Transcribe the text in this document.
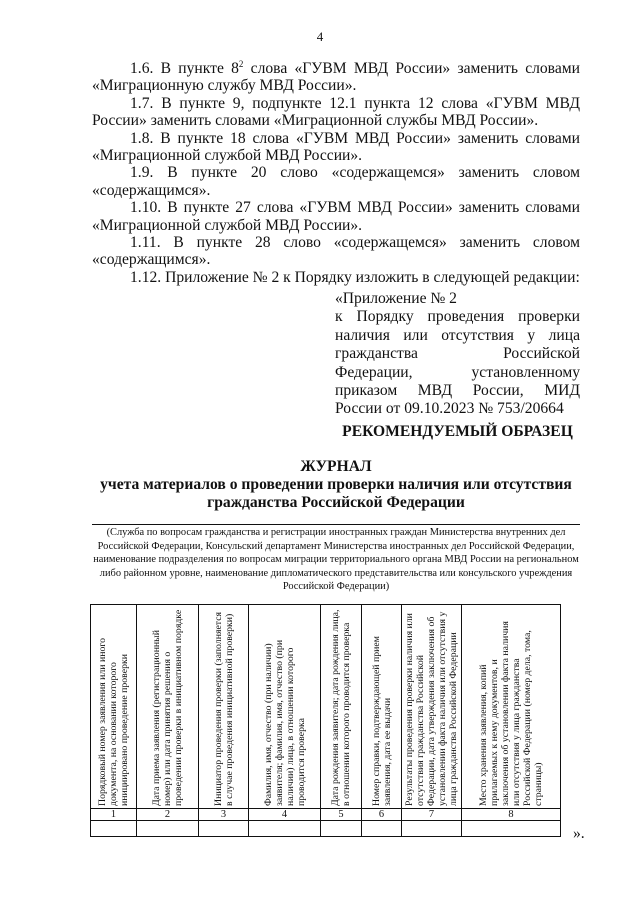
4

1.6. В пункте $8^2$ слова «ГУВМ МВД России» заменить словами «Миграционную службу МВД России».

1.7. В пункте 9, подпункте 12.1 пункта 12 слова «ГУВМ МВД России» заменить словами «Миграционной службы МВД России».

1.8. В пункте 18 слова «ГУВМ МВД России» заменить словами «Миграционной службой МВД России».

1.9. В пункте 20 слово «содержащемся» заменить словом «содержащимся».

1.10. В пункте 27 слова «ГУВМ МВД России» заменить словами «Миграционной службой МВД России».

1.11. В пункте 28 слово «содержащемся» заменить словом «содержащимся».

1.12. Приложение № 2 к Порядку изложить в следующей редакции:

«Приложение № 2
к Порядку проведения проверки наличия или отсутствия у лица гражданства Российской Федерации, установленному приказом МВД России, МИД России от 09.10.2023 № 753/20664
РЕКОМЕНДУЕМЫЙ ОБРАЗЕЦ
ЖУРНАЛ
учета материалов о проведении проверки наличия или отсутствия гражданства Российской Федерации
(Служба по вопросам гражданства и регистрации иностранных граждан Министерства внутренних дел Российской Федерации, Консульский департамент Министерства иностранных дел Российской Федерации, наименование подразделения по вопросам миграции территориального органа МВД России на региональном либо районном уровне, наименование дипломатического представительства или консульского учреждения Российской Федерации)
Порядковый номер заявления или иного документа, на основании которого инициировано проведение проверки	Дата приема заявления (регистрационный номер) или дата принятия решения о проведении проверки в инициативном порядке	Инициатор проведения проверки (заполняется в случае проведения инициативной проверки)	Фамилия, имя, отчество (при наличии) заявителя; фамилия, имя, отчество (при наличии) лица, в отношении которого проводится проверка	Дата рождения заявителя; дата рождения лица, в отношении которого проводится проверка	Номер справки, подтверждающей прием заявления, дата ее выдачи	Результаты проведения проверки наличия или отсутствия гражданства Российской Федерации, дата утверждения заключения об установлении факта наличия или отсутствия у лица гражданства Российской Федерации	Место хранения заявления, копий прилагаемых к нему документов, и заключения об установлении факта наличия или отсутствия у лица гражданства Российской Федерации (номер дела, тома, страницы)

1	2	3	4	5	6	7	8

».
